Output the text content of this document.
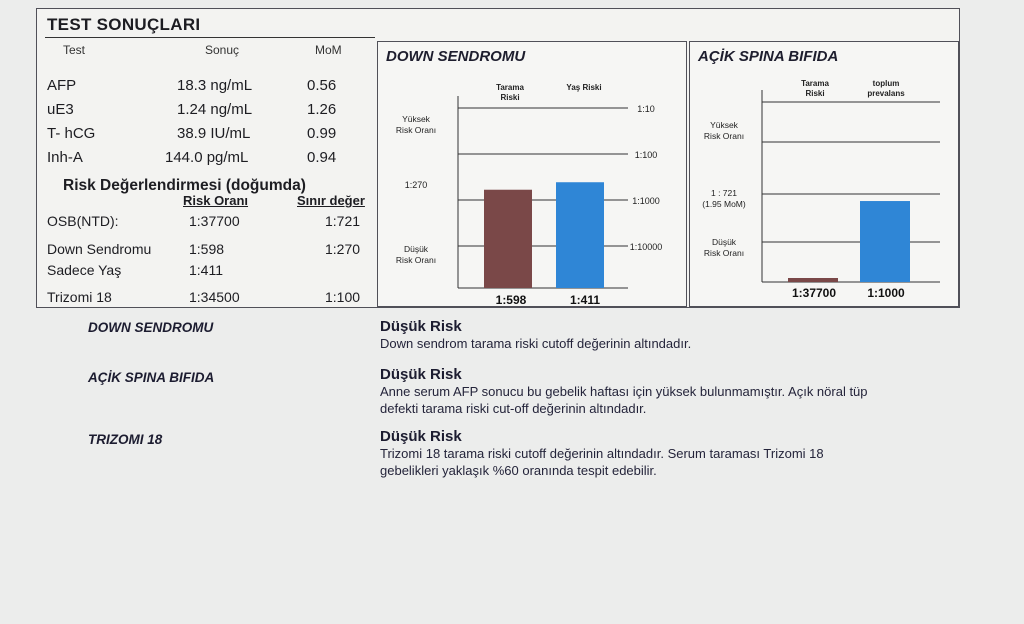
TEST SONUÇLARI
Test	Sonuç	MoM
AFP	18.3 ng/mL	0.56
uE3	1.24 ng/mL	1.26
T- hCG	38.9 IU/mL	0.99
Inh-A	144.0 pg/mL	0.94
Risk Değerlendirmesi (doğumda)
Risk Oranı	Sınır değer
OSB(NTD):	1:37700	1:721
Down Sendromu	1:598	1:270
Sadece Yaş	1:411
Trizomi 18	1:34500	1:100
DOWN SENDROMU
1:10
1:100
1:1000
1:10000
Yüksek
Risk Oranı
1:270
Düşük
Risk Oranı
Tarama
Riski
Yaş Riski
1:598	1:411
AÇİK SPINA BIFIDA
Yüksek
Risk Oranı
1 : 721
(1.95 MoM)
Düşük
Risk Oranı
Tarama
Riski
toplum
prevalans
1:37700	1:1000
DOWN SENDROMU	Düşük Risk
Down sendrom tarama riski cutoff değerinin altındadır.
AÇİK SPINA BIFIDA	Düşük Risk
Anne serum AFP sonucu bu gebelik haftası için yüksek bulunmamıştır. Açık nöral tüp
defekti tarama riski cut-off değerinin altındadır.
TRIZOMI 18	Düşük Risk
Trizomi 18 tarama riski cutoff değerinin altındadır. Serum taraması Trizomi 18
gebelikleri yaklaşık %60 oranında tespit edebilir.
